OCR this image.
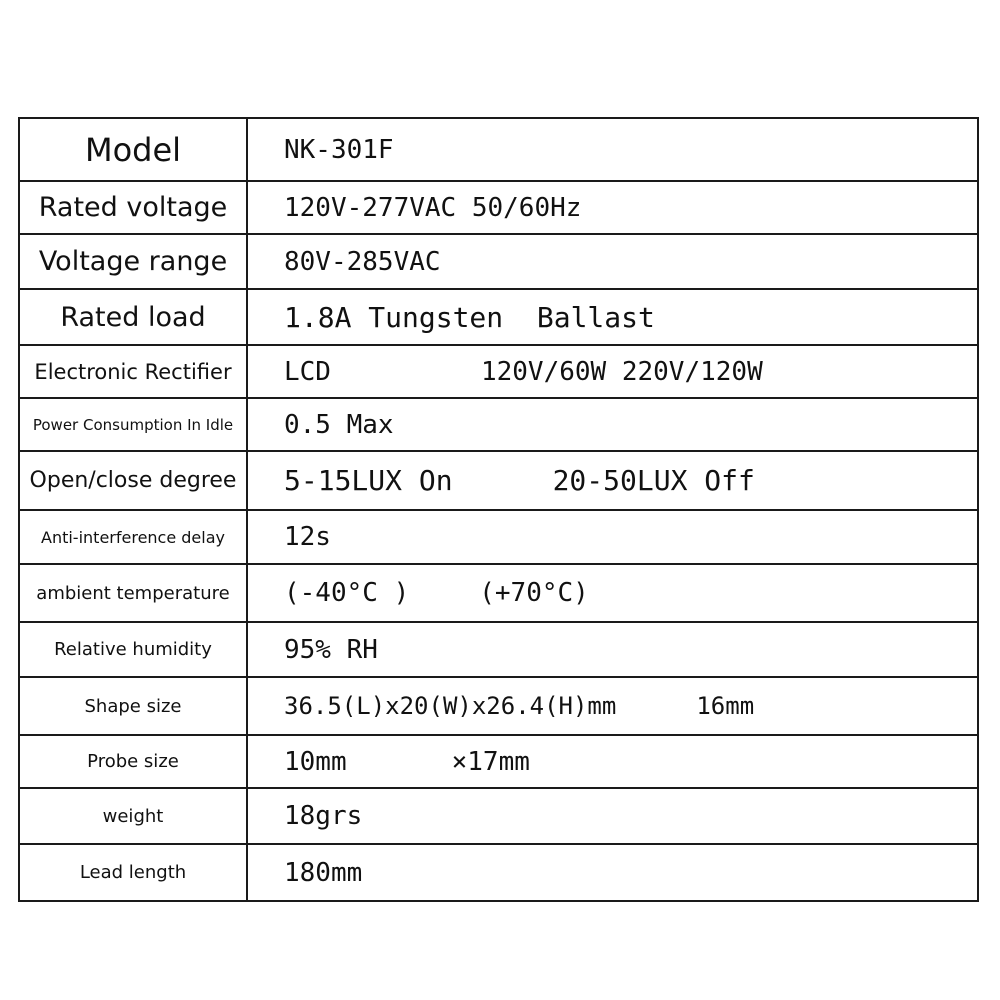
Model	NK-301F
Rated voltage	120V-277VAC 50/60Hz
Voltage range	80V-285VAC
Rated load	1.8A Tungsten  Ballast
Electronic Rectifier	LCD 120V/60W 220V/120W
Power Consumption In Idle	0.5 Max
Open/close degree	5-15LUX On 20-50LUX Off
Anti-interference delay	12s
ambient temperature	(-40°C ) (+70°C)
Relative humidity	95% RH
Shape size	36.5(L)x20(W)x26.4(H)mm 16mm
Probe size	10mm ×17mm
weight	18grs
Lead length	180mm
